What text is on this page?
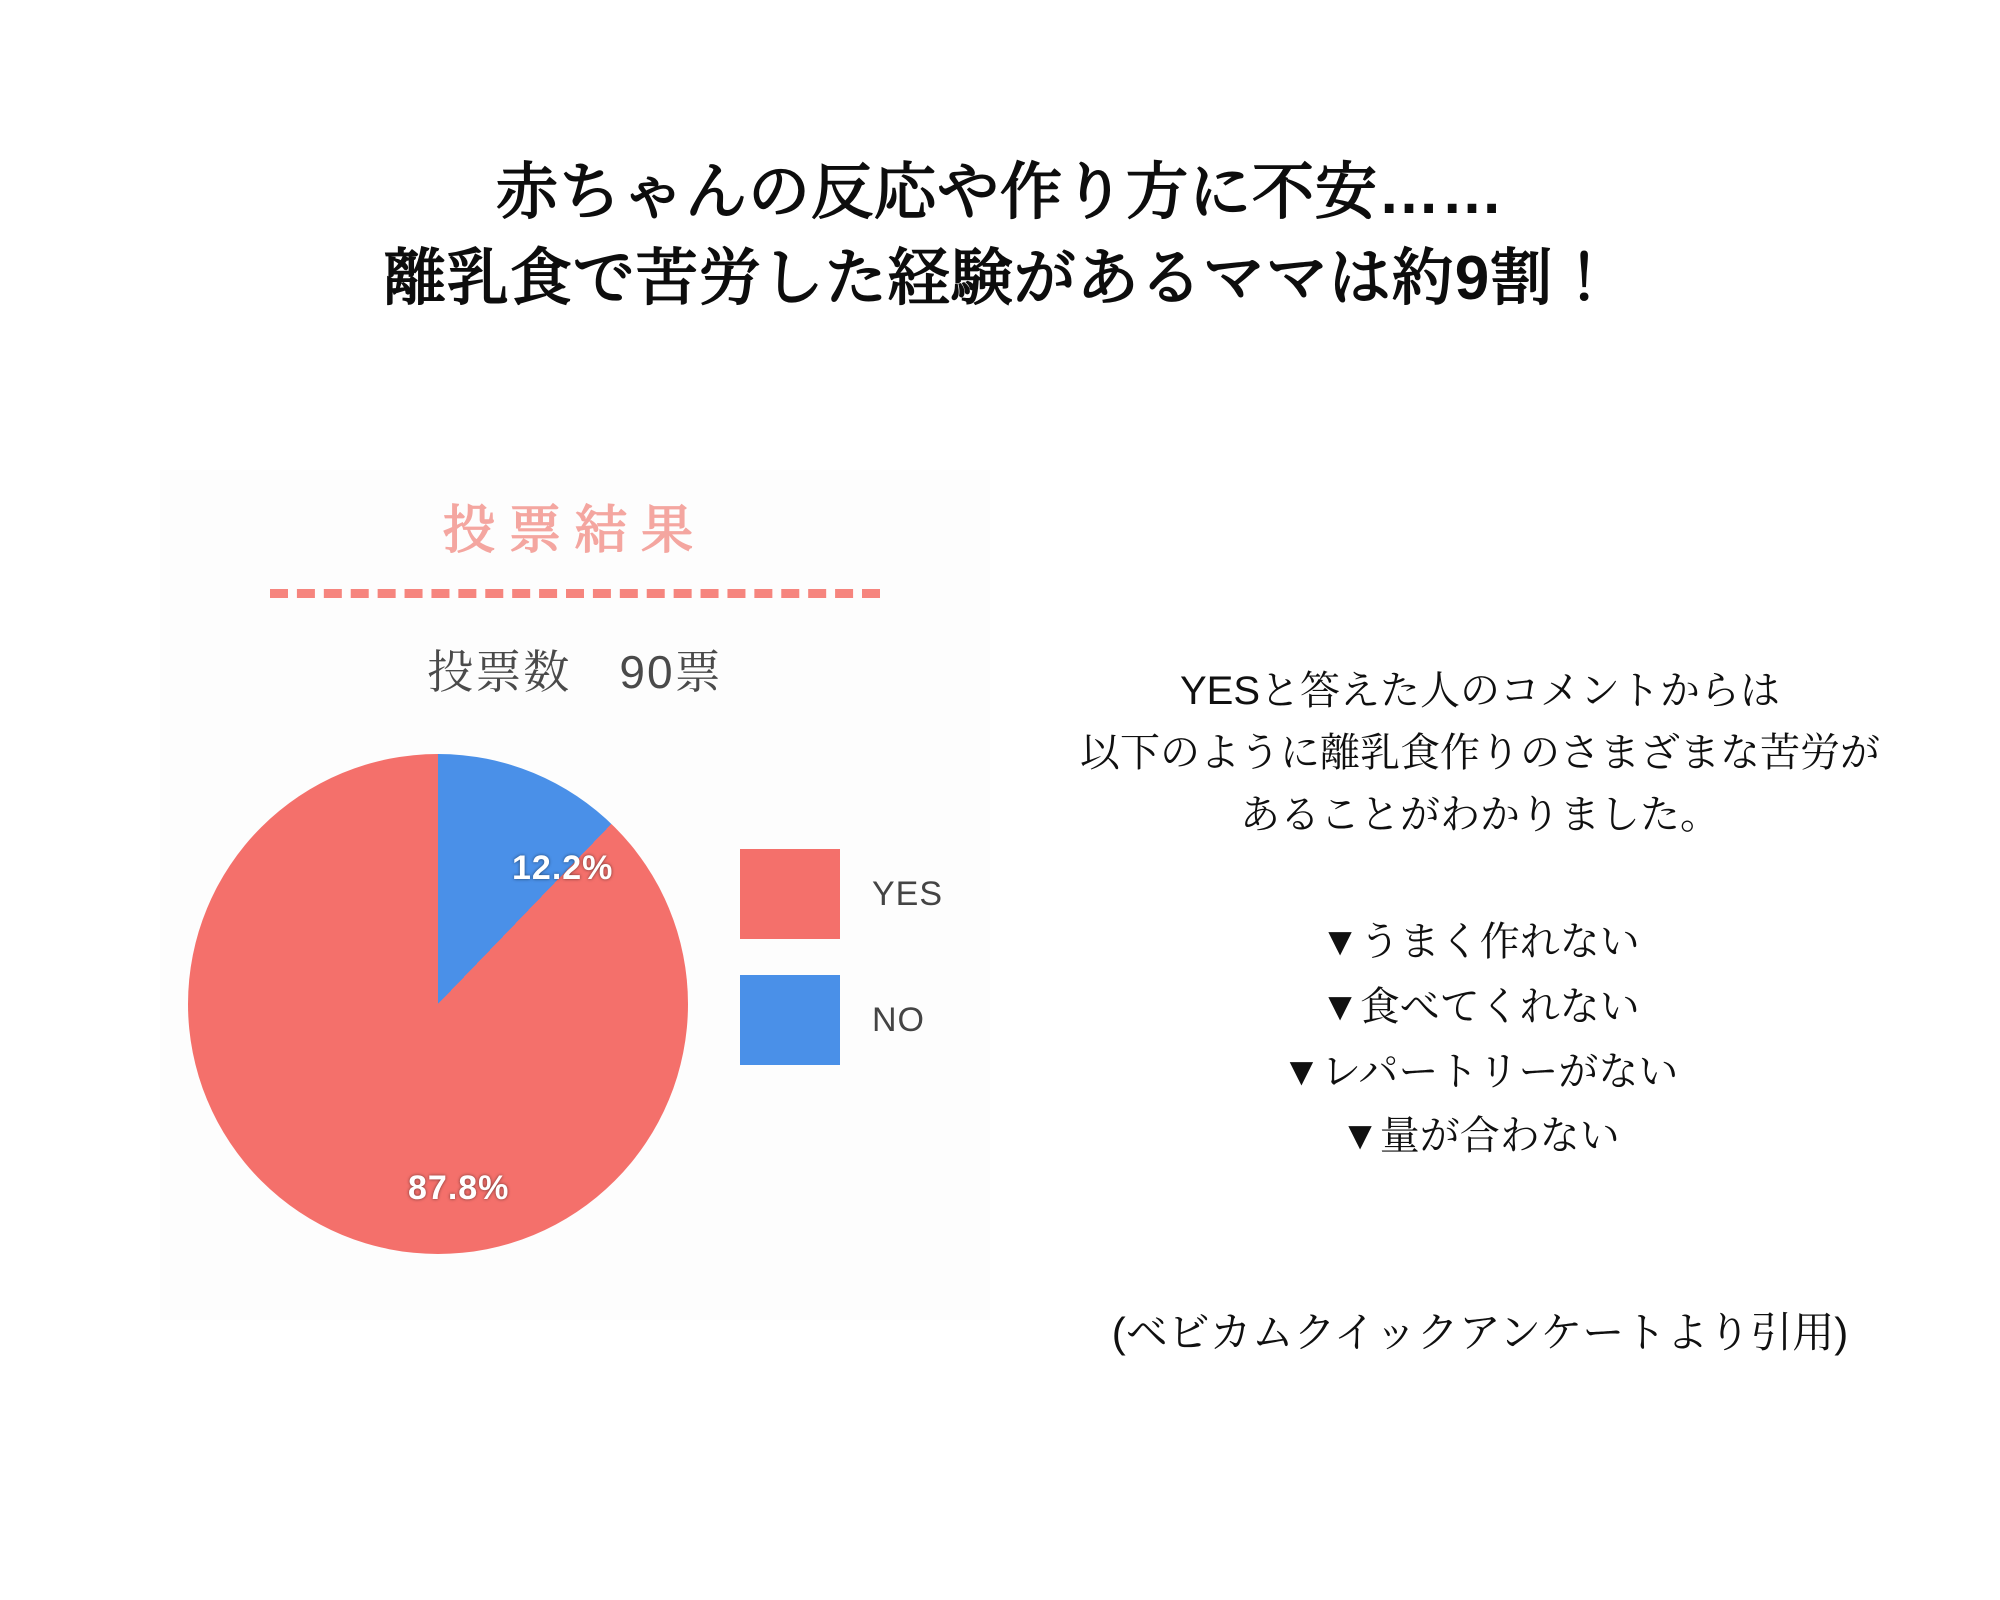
赤ちゃんの反応や作り方に不安……
離乳食で苦労した経験があるママは約9割！
投票結果
投票数　90票
12.2%
87.8%
YES
NO
YESと答えた人のコメントからは
以下のように離乳食作りのさまざまな苦労が
あることがわかりました。
▼うまく作れない
▼食べてくれない
▼レパートリーがない
▼量が合わない
(ベビカムクイックアンケートより引用)
